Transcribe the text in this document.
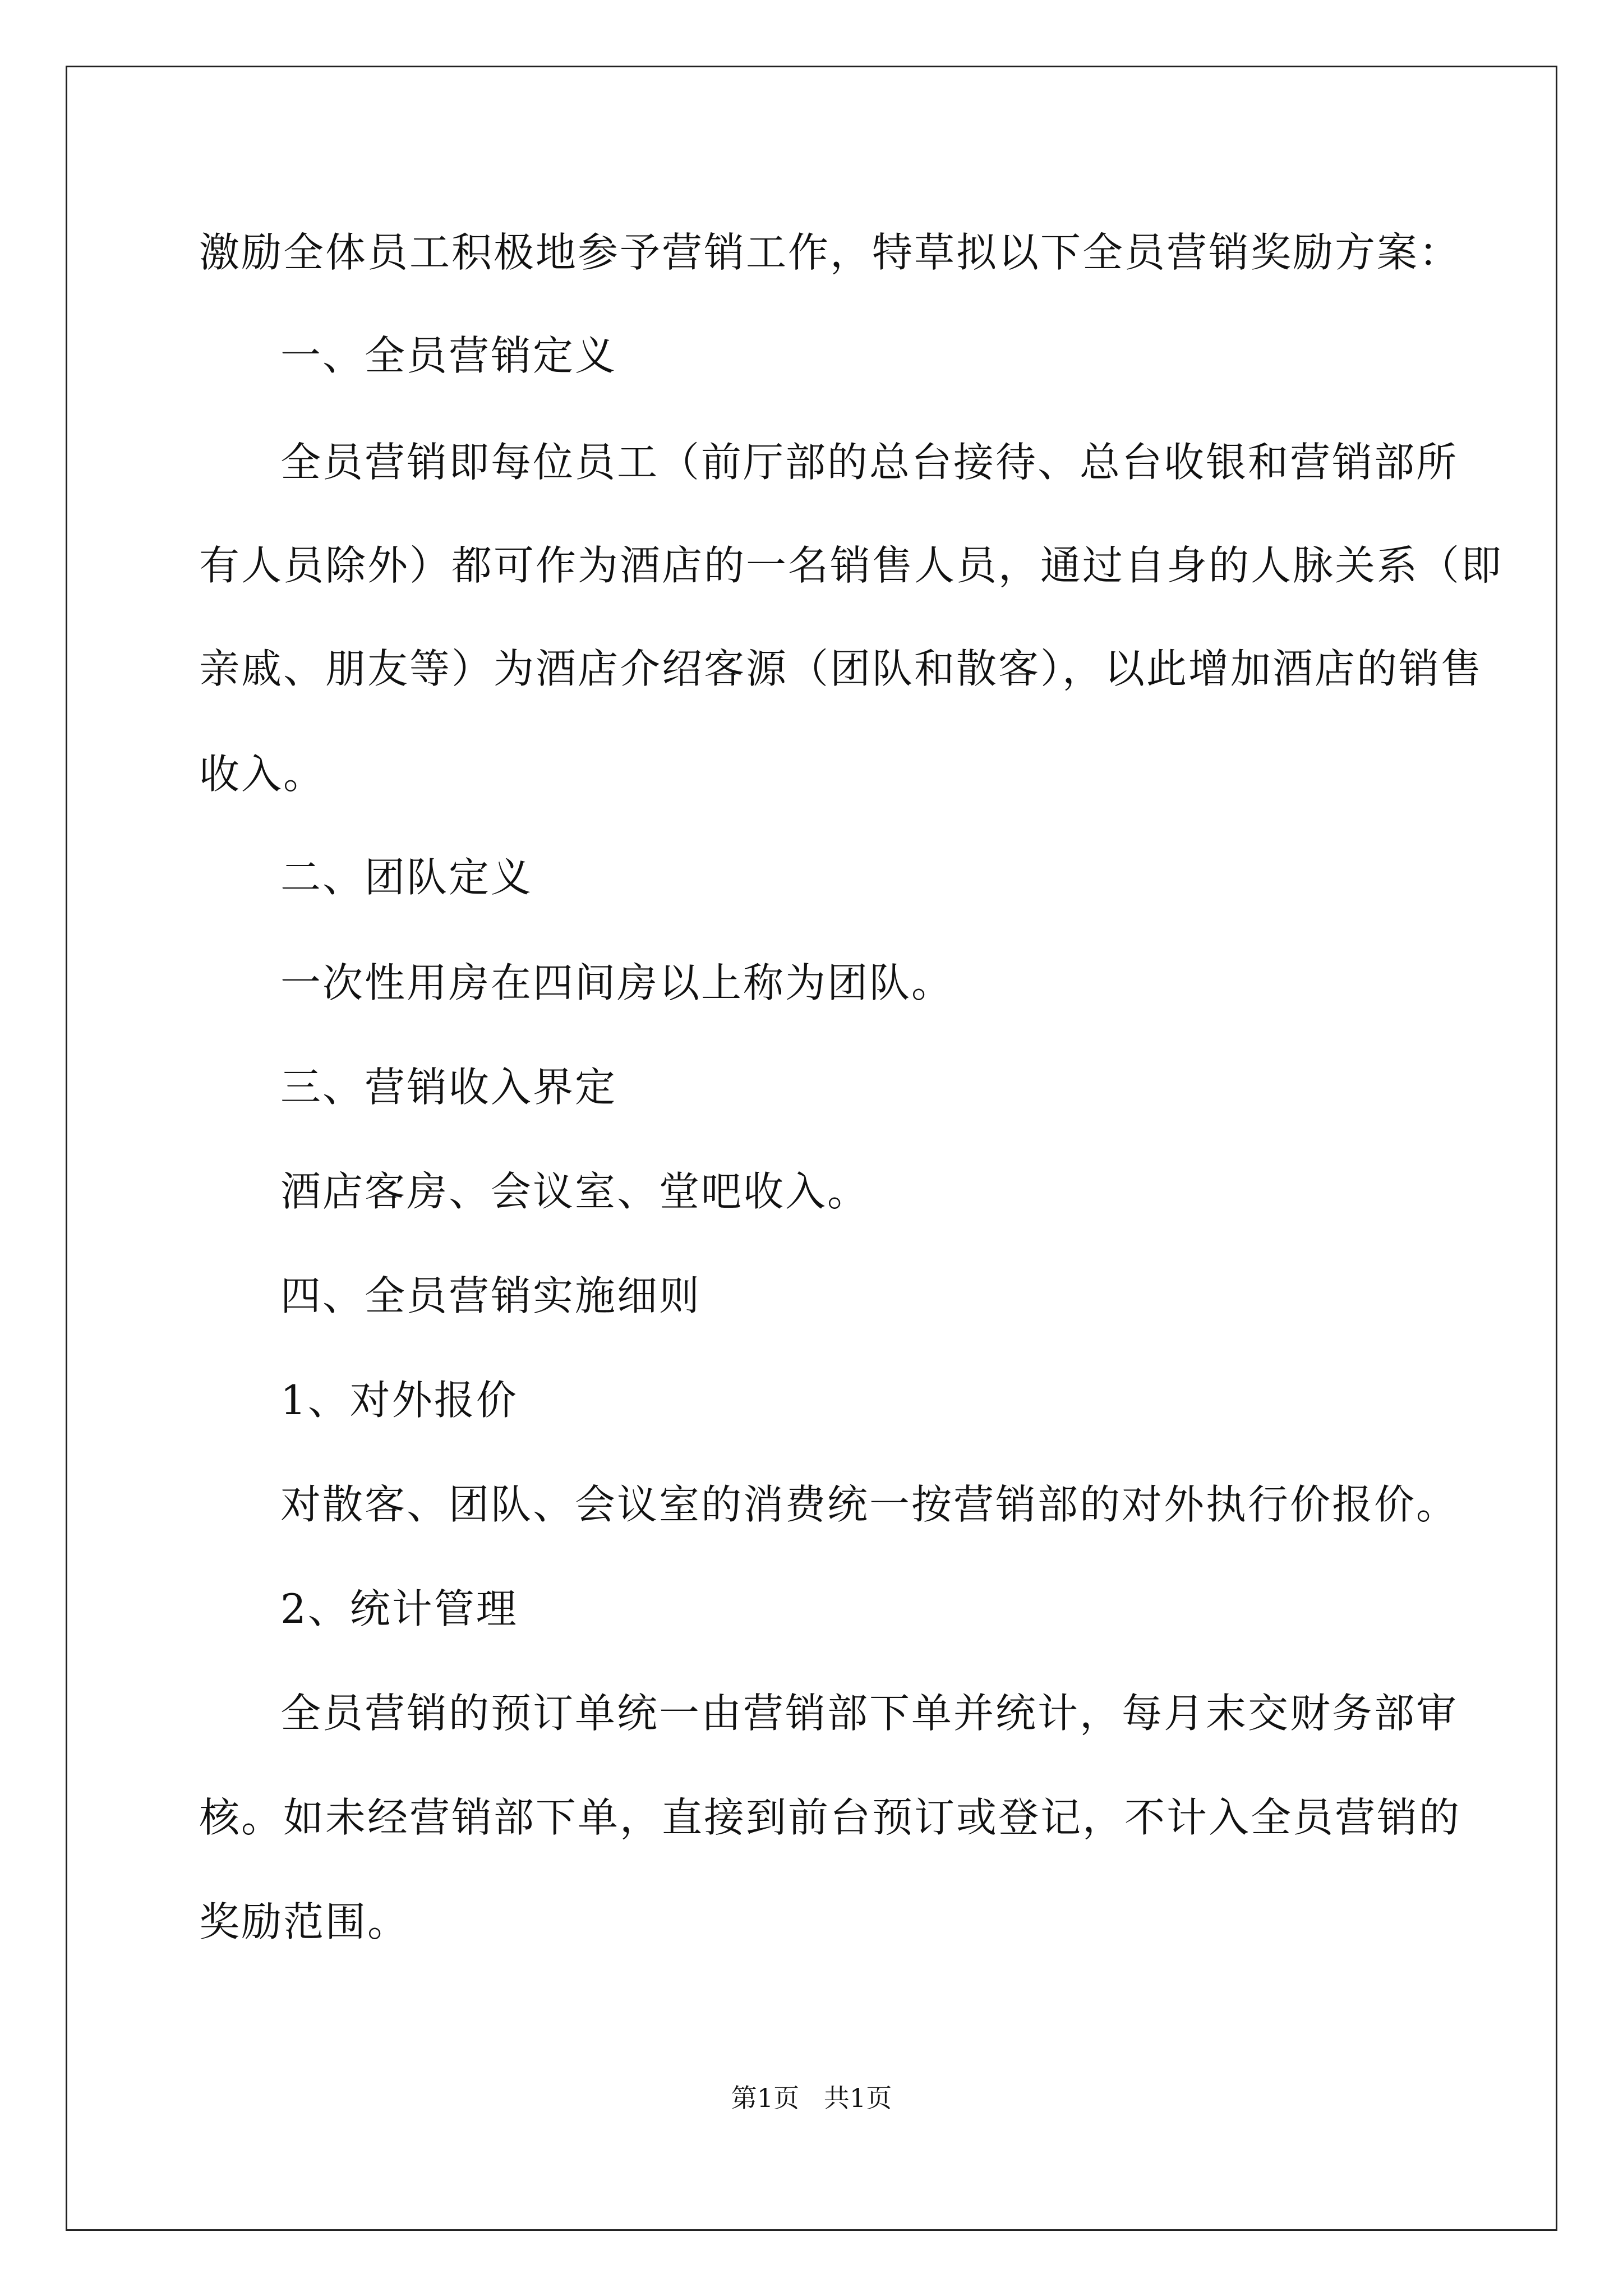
激励全体员工积极地参予营销工作，特草拟以下全员营销奖励方案：
一、全员营销定义
全员营销即每位员工（前厅部的总台接待、总台收银和营销部所
有人员除外）都可作为酒店的一名销售人员，通过自身的人脉关系（即
亲戚、朋友等）为酒店介绍客源（团队和散客），以此增加酒店的销售
收入。
二、团队定义
一次性用房在四间房以上称为团队。
三、营销收入界定
酒店客房、会议室、堂吧收入。
四、全员营销实施细则
1、对外报价
对散客、团队、会议室的消费统一按营销部的对外执行价报价。
2、统计管理
全员营销的预订单统一由营销部下单并统计，每月末交财务部审
核。如未经营销部下单，直接到前台预订或登记，不计入全员营销的
奖励范围。
第1页   共1页
